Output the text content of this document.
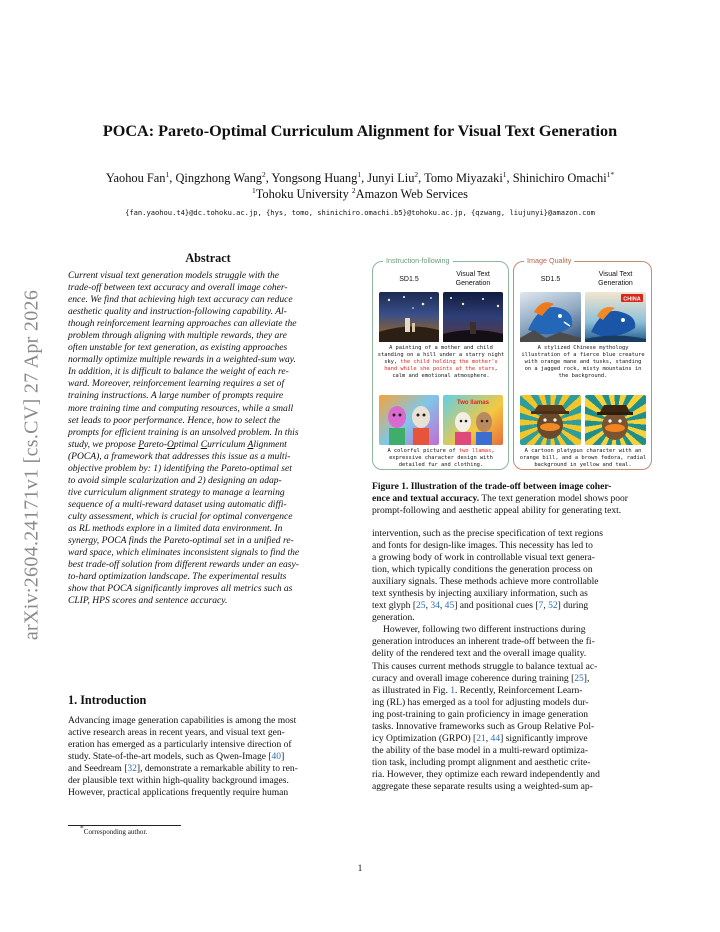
arXiv:2604.24171v1 [cs.CV] 27 Apr 2026
POCA: Pareto-Optimal Curriculum Alignment for Visual Text Generation
Yaohou Fan$^1$, Qingzhong Wang$^2$, Yongsong Huang$^1$, Junyi Liu$^2$, Tomo Miyazaki$^1$, Shinichiro Omachi$^{1*}$
$^1$Tohoku University $^2$Amazon Web Services
{fan.yaohou.t4}@dc.tohoku.ac.jp, {hys, tomo, shinichiro.omachi.b5}@tohoku.ac.jp, {qzwang, liujunyi}@amazon.com
Abstract
Current visual text generation models struggle with the
trade-off between text accuracy and overall image coher-
ence. We find that achieving high text accuracy can reduce
aesthetic quality and instruction-following capability. Al-
though reinforcement learning approaches can alleviate the
problem through aligning with multiple rewards, they are
often unstable for text generation, as existing approaches
normally optimize multiple rewards in a weighted-sum way.
In addition, it is difficult to balance the weight of each re-
ward. Moreover, reinforcement learning requires a set of
training instructions. A large number of prompts require
more training time and computing resources, while a small
set leads to poor performance. Hence, how to select the
prompts for efficient training is an unsolved problem. In this
study, we propose Pareto-Optimal Curriculum Alignment
(POCA), a framework that addresses this issue as a multi-
objective problem by: 1) identifying the Pareto-optimal set
to avoid simple scalarization and 2) designing an adap-
tive curriculum alignment strategy to manage a learning
sequence of a multi-reward dataset using automatic diffi-
culty assessment, which is crucial for optimal convergence
as RL methods explore in a limited data environment. In
synergy, POCA finds the Pareto-optimal set in a unified re-
ward space, which eliminates inconsistent signals to find the
best trade-off solution from different rewards under an easy-
to-hard optimization landscape. The experimental results
show that POCA significantly improves all metrics such as
CLIP, HPS scores and sentence accuracy.
1. Introduction
Advancing image generation capabilities is among the most
active research areas in recent years, and visual text gen-
eration has emerged as a particularly intensive direction of
study. State-of-the-art models, such as Qwen-Image [40]
and Seedream [32], demonstrate a remarkable ability to ren-
der plausible text within high-quality background images.
However, practical applications frequently require human
*Corresponding author.
Instruction-following
SD1.5
Visual Text Generation
A painting of a mother and child
standing on a hill under a starry night
sky, the child holding the mother's
hand while she points at the stars,
calm and emotional atmosphere.
Two llamas
A colorful picture of two llamas,
expressive character design with
detailed fur and clothing.
Image Quality
SD1.5
Visual Text Generation
CHINA
A stylized Chinese mythology
illustration of a fierce blue creature
with orange mane and tusks, standing
on a jagged rock, misty mountains in
the background.
A cartoon platypus character with an
orange bill, and a brown fedora, radial
background in yellow and teal.
Figure 1. Illustration of the trade-off between image coher-
ence and textual accuracy. The text generation model shows poor
prompt-following and aesthetic appeal ability for generating text.
intervention, such as the precise specification of text regions
and fonts for design-like images. This necessity has led to
a growing body of work in controllable visual text genera-
tion, which typically conditions the generation process on
auxiliary signals. These methods achieve more controllable
text synthesis by injecting auxiliary information, such as
text glyph [25, 34, 45] and positional cues [7, 52] during
generation.
However, following two different instructions during
generation introduces an inherent trade-off between the fi-
delity of the rendered text and the overall image quality.
This causes current methods struggle to balance textual ac-
curacy and overall image coherence during training [25],
as illustrated in Fig. 1. Recently, Reinforcement Learn-
ing (RL) has emerged as a tool for adjusting models dur-
ing post-training to gain proficiency in image generation
tasks. Innovative frameworks such as Group Relative Pol-
icy Optimization (GRPO) [21, 44] significantly improve
the ability of the base model in a multi-reward optimiza-
tion task, including prompt alignment and aesthetic crite-
ria. However, they optimize each reward independently and
aggregate these separate results using a weighted-sum ap-
1
